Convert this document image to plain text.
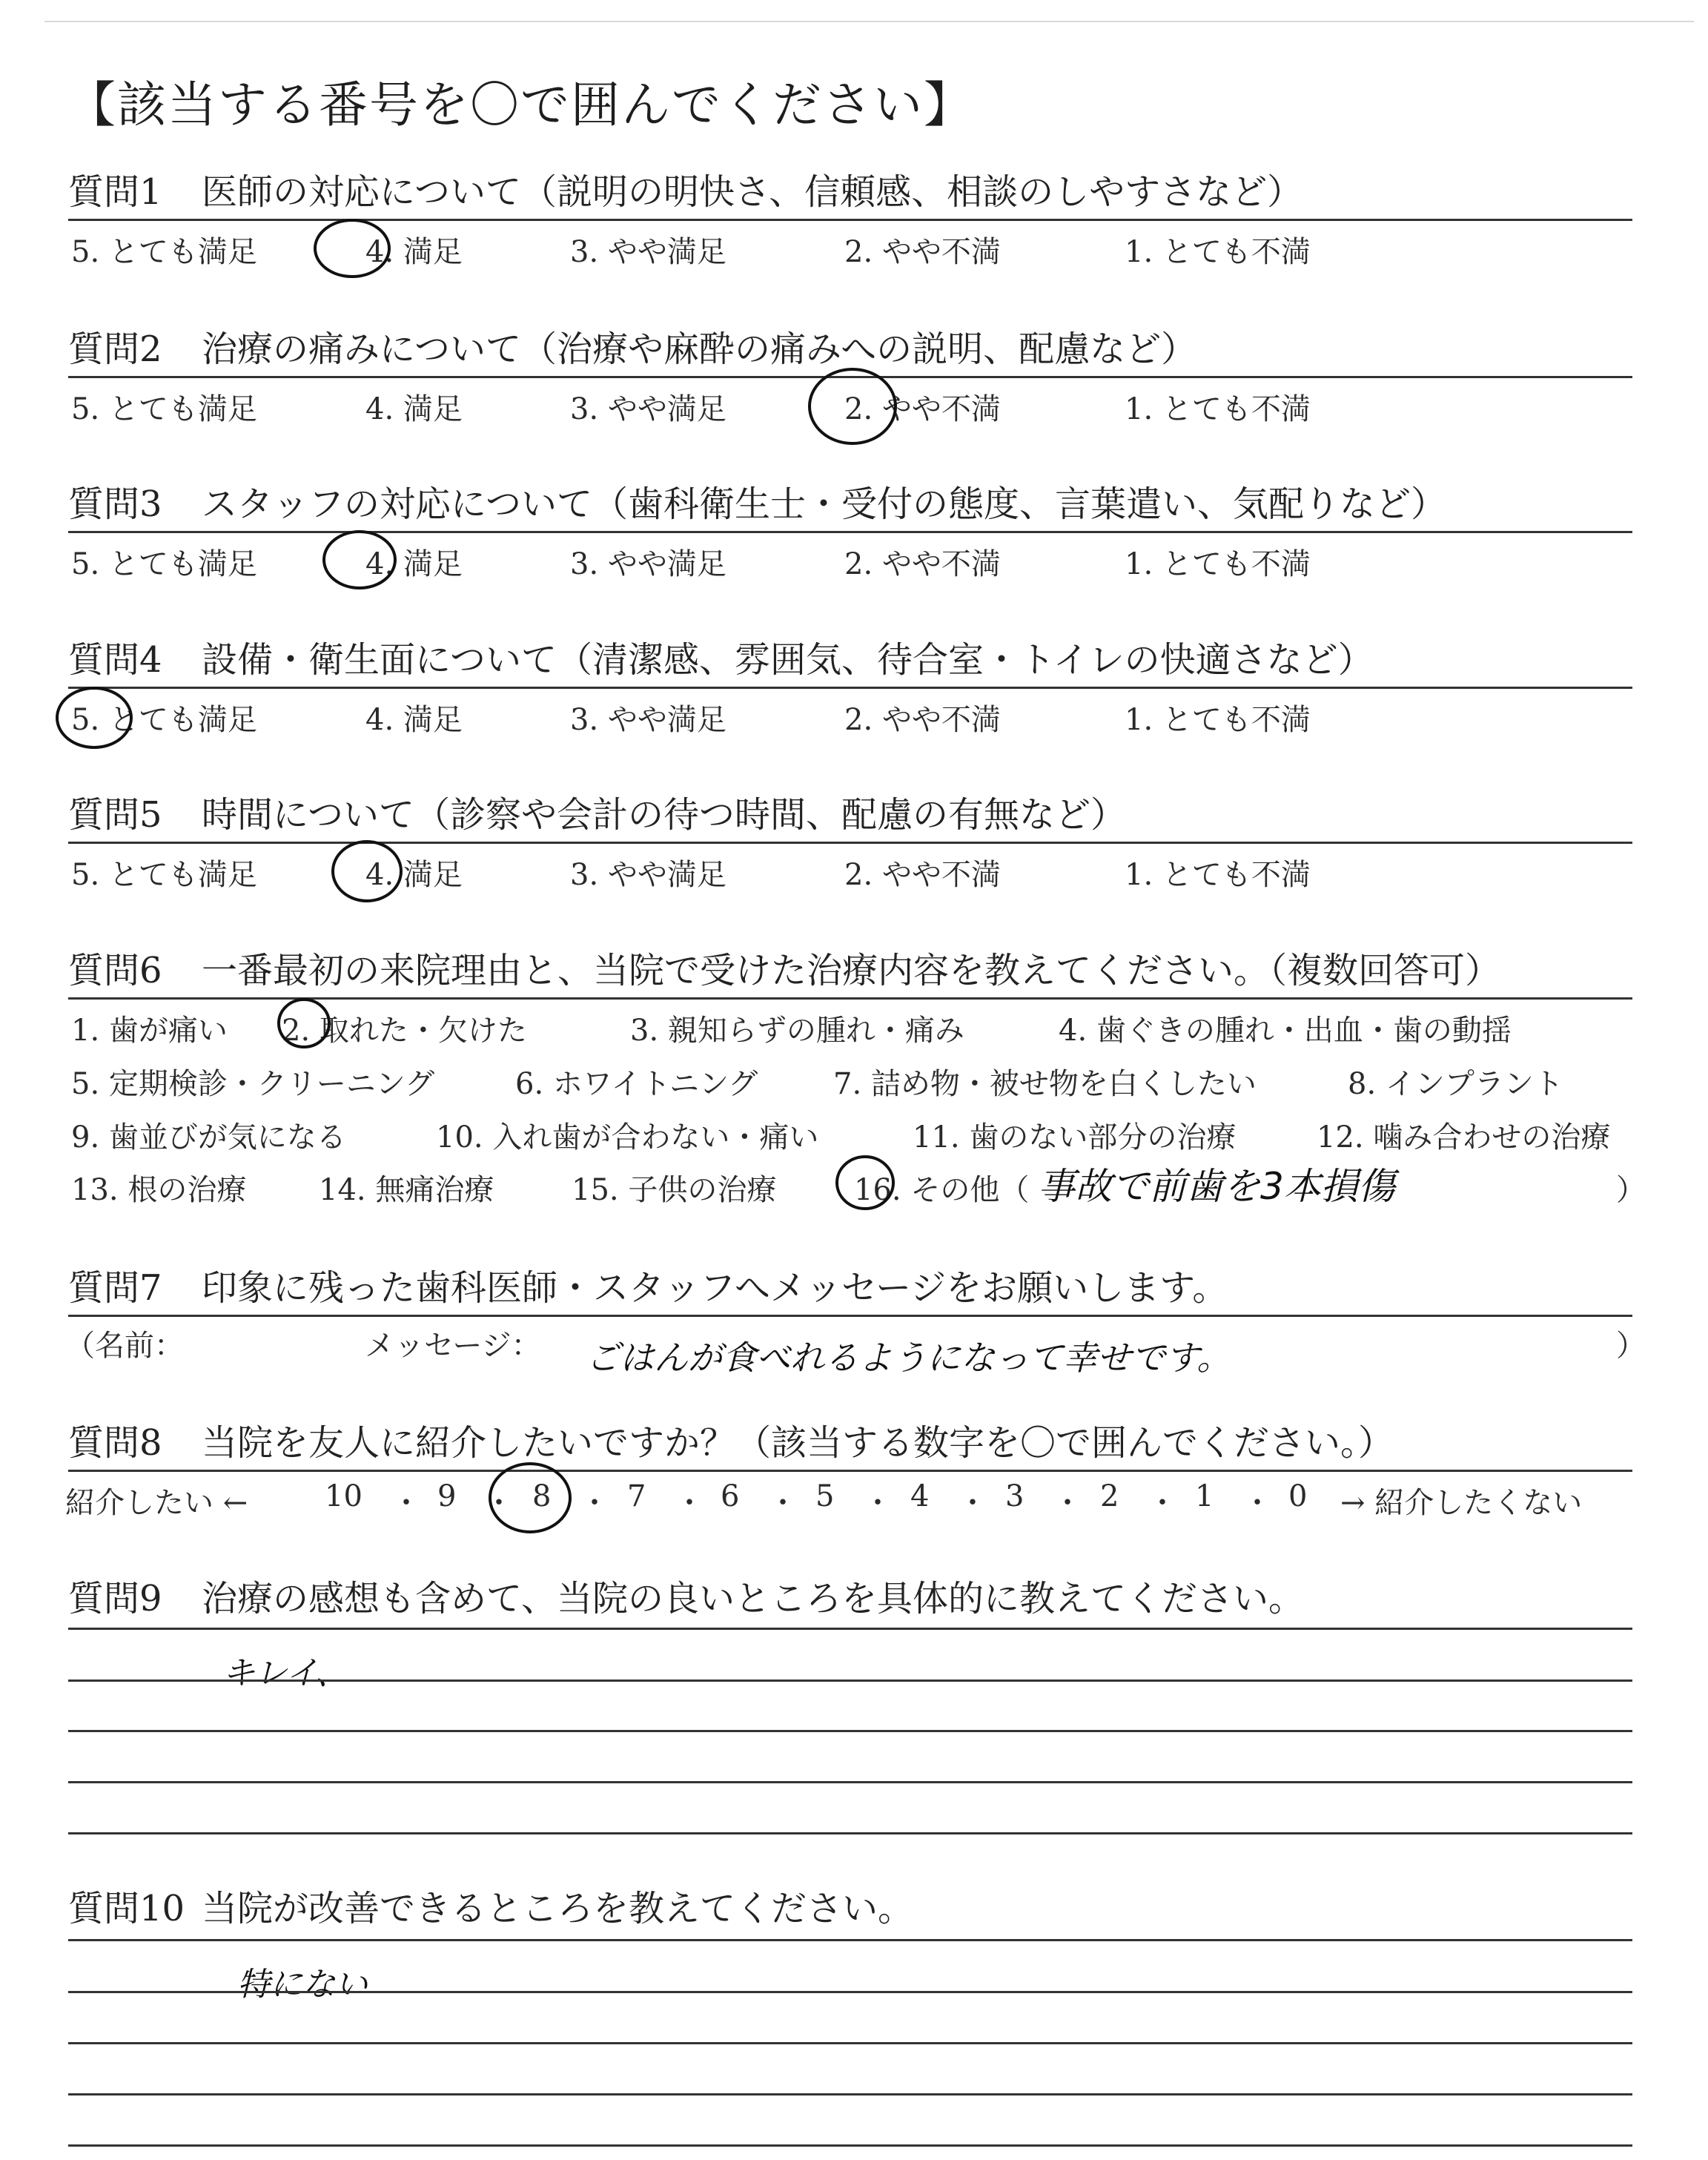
【該当する番号を〇で囲んでください】
質問1 医師の対応について（説明の明快さ、信頼感、相談のしやすさなど）
5. とても満足	4. 満足	3. やや満足	2. やや不満	1. とても不満
質問2 治療の痛みについて（治療や麻酔の痛みへの説明、配慮など）
5. とても満足	4. 満足	3. やや満足	2. やや不満	1. とても不満
質問3 スタッフの対応について（歯科衛生士・受付の態度、言葉遣い、気配りなど）
5. とても満足	4. 満足	3. やや満足	2. やや不満	1. とても不満
質問4 設備・衛生面について（清潔感、雰囲気、待合室・トイレの快適さなど）
5. とても満足	4. 満足	3. やや満足	2. やや不満	1. とても不満
質問5 時間について（診察や会計の待つ時間、配慮の有無など）
5. とても満足	4. 満足	3. やや満足	2. やや不満	1. とても不満
質問6 一番最初の来院理由と、当院で受けた治療内容を教えてください。（複数回答可）
1. 歯が痛い 2. 取れた・欠けた	3. 親知らずの腫れ・痛み	4. 歯ぐきの腫れ・出血・歯の動揺
5. 定期検診・クリーニング	6. ホワイトニング	7. 詰め物・被せ物を白くしたい	8. インプラント
9. 歯並びが気になる	10. 入れ歯が合わない・痛い	11. 歯のない部分の治療	12. 噛み合わせの治療
13. 根の治療 14. 無痛治療	15. 子供の治療	16. その他（ 事故で前歯を3本損傷	）
質問7 印象に残った歯科医師・スタッフへメッセージをお願いします。
（名前：	メッセージ： ごはんが食べれるようになって幸せです。	）
質問8 当院を友人に紹介したいですか？（該当する数字を〇で囲んでください。）
紹介したい ←	10 ・ 9 ・ 8 ・ 7 ・ 6 ・ 5 ・ 4 ・ 3 ・ 2 ・ 1 ・ 0 → 紹介したくない
質問9 治療の感想も含めて、当院の良いところを具体的に教えてください。
キレイ、
質問10 当院が改善できるところを教えてください。
特にない
